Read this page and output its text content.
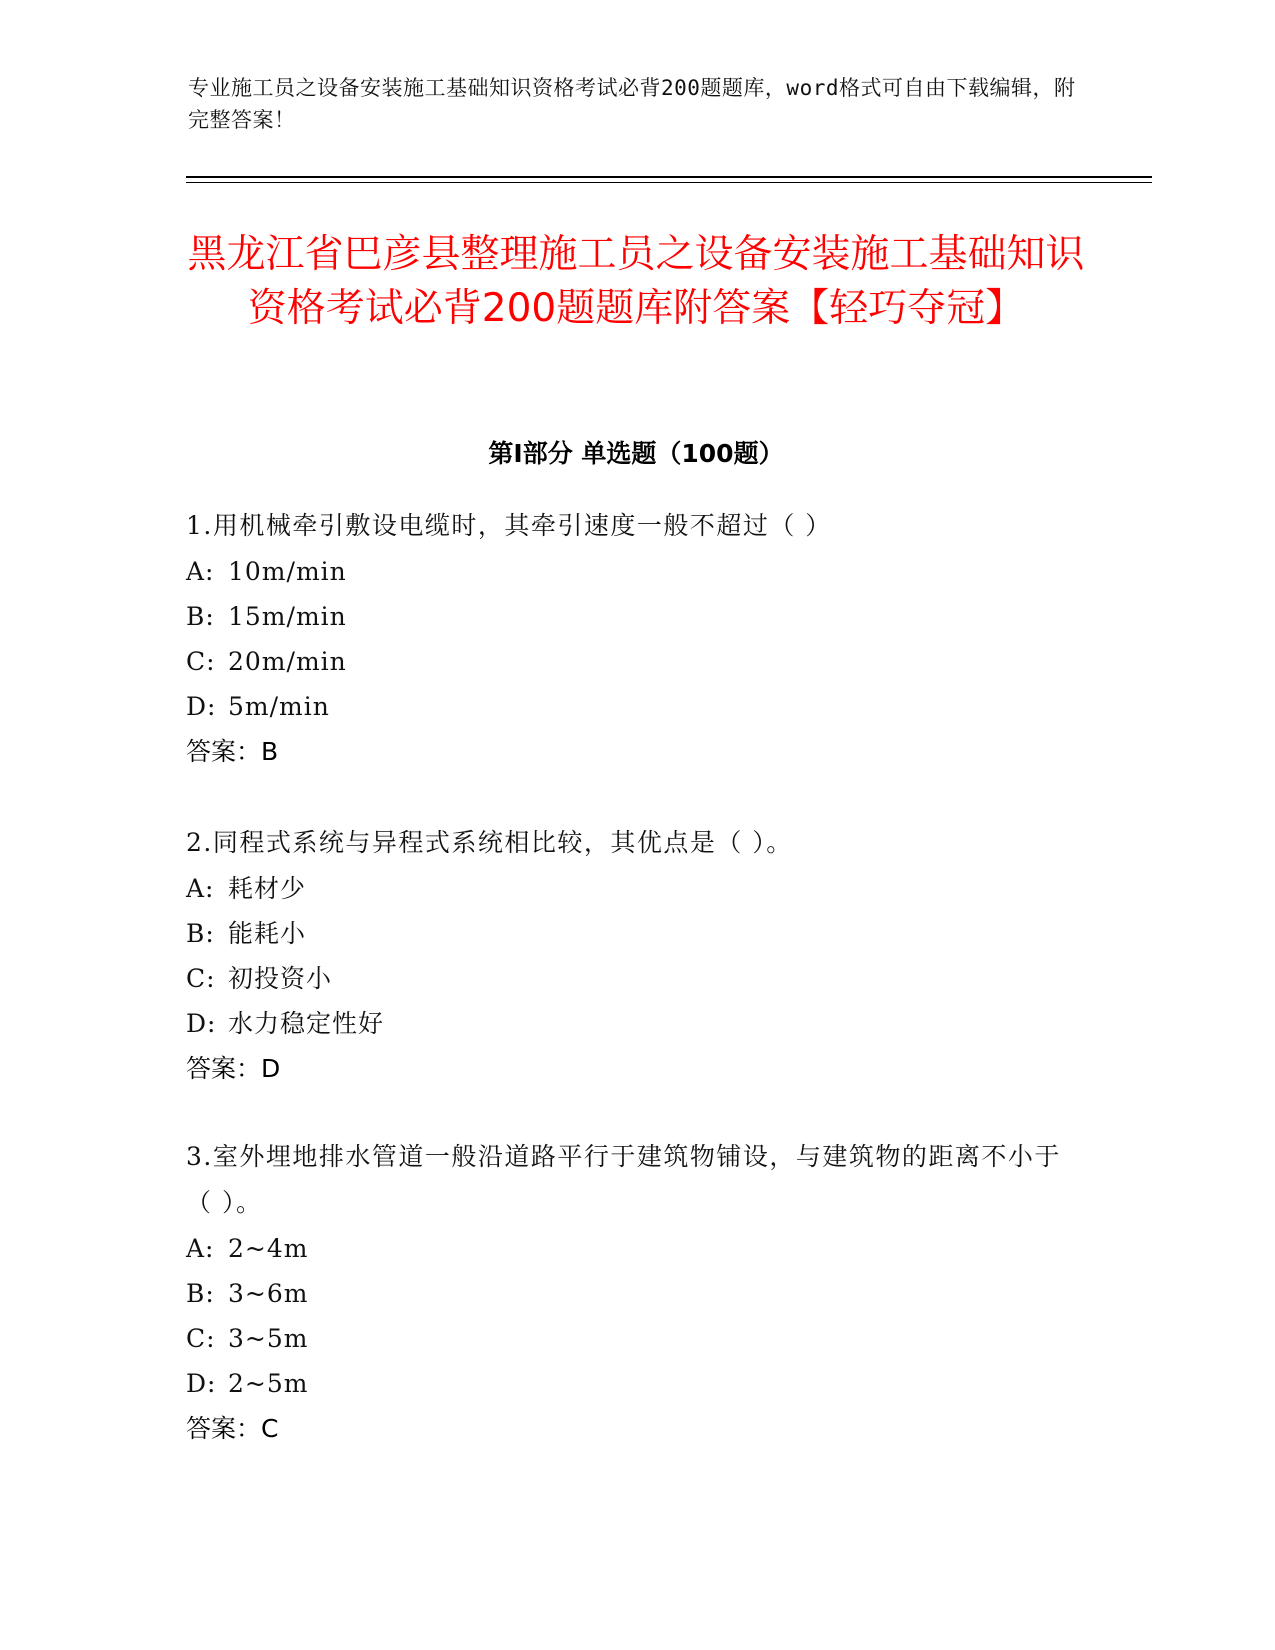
专业施工员之设备安装施工基础知识资格考试必背200题题库，word格式可自由下载编辑，附完整答案！
黑龙江省巴彦县整理施工员之设备安装施工基础知识资格考试必背200题题库附答案【轻巧夺冠】
第Ⅰ部分 单选题（100题）

1.用机械牵引敷设电缆时，其牵引速度一般不超过（ ）

A: 10m/min
B: 15m/min
C: 20m/min
D: 5m/min
答案：B

2.同程式系统与异程式系统相比较，其优点是（ ）。

A: 耗材少
B: 能耗小
C: 初投资小
D: 水力稳定性好
答案：D

3.室外埋地排水管道一般沿道路平行于建筑物铺设，与建筑物的距离不小于（ ）。

A: 2~4m
B: 3~6m
C: 3~5m
D: 2~5m
答案：C
